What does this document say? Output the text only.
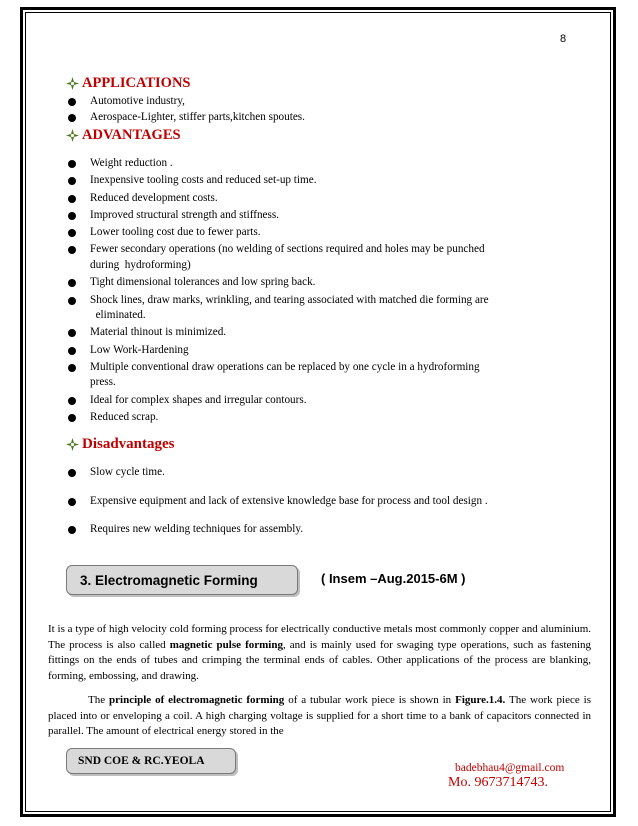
8
APPLICATIONS
Automotive industry,
Aerospace-Lighter, stiffer parts,kitchen spoutes.
ADVANTAGES
Weight reduction .
Inexpensive tooling costs and reduced set-up time.
Reduced development costs.
Improved structural strength and stiffness.
Lower tooling cost due to fewer parts.
Fewer secondary operations (no welding of sections required and holes may be punched
during  hydroforming)
Tight dimensional tolerances and low spring back.
Shock lines, draw marks, wrinkling, and tearing associated with matched die forming are
eliminated.
Material thinout is minimized.
Low Work-Hardening
Multiple conventional draw operations can be replaced by one cycle in a hydroforming
press.
Ideal for complex shapes and irregular contours.
Reduced scrap.
Disadvantages
Slow cycle time.
Expensive equipment and lack of extensive knowledge base for process and tool design .
Requires new welding techniques for assembly.
3. Electromagnetic Forming	( Insem –Aug.2015-6M )

It is a type of high velocity cold forming process for electrically conductive metals most commonly copper and aluminium. The process is also called magnetic pulse forming, and is mainly used for swaging type operations, such as fastening fittings on the ends of tubes and crimping the terminal ends of cables. Other applications of the process are blanking, forming, embossing, and drawing.

The principle of electromagnetic forming of a tubular work piece is shown in Figure.1.4. The work piece is placed into or enveloping a coil. A high charging voltage is supplied for a short time to a bank of capacitors connected in parallel. The amount of electrical energy stored in the

SND COE & RC.YEOLA
badebhau4@gmail.com
Mo. 9673714743.
